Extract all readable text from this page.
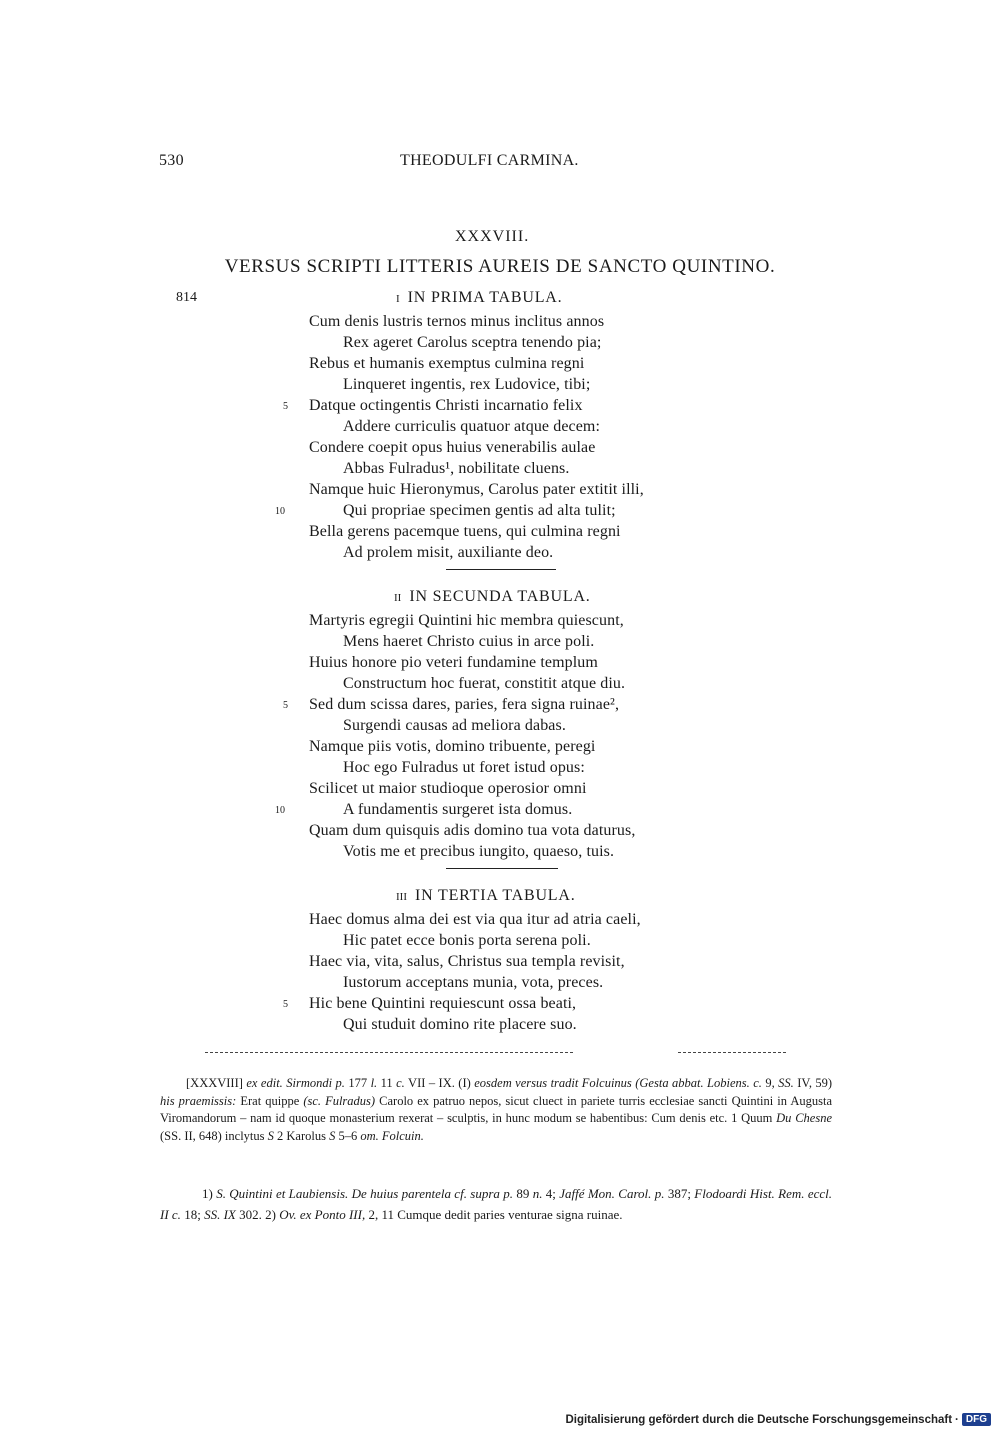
530	THEODULFI CARMINA.
XXXVIII.
VERSUS SCRIPTI LITTERIS AUREIS DE SANCTO QUINTINO.
814	I IN PRIMA TABULA.
Cum denis lustris ternos minus inclitus annos
Rex ageret Carolus sceptra tenendo pia;
Rebus et humanis exemptus culmina regni
Linqueret ingentis, rex Ludovice, tibi;
5 Datque octingentis Christi incarnatio felix
Addere curriculis quatuor atque decem:
Condere coepit opus huius venerabilis aulae
Abbas Fulradus¹, nobilitate cluens.
Namque huic Hieronymus, Carolus pater extitit illi,
10	Qui propriae specimen gentis ad alta tulit;
Bella gerens pacemque tuens, qui culmina regni
Ad prolem misit, auxiliante deo.
II IN SECUNDA TABULA.
Martyris egregii Quintini hic membra quiescunt,
Mens haeret Christo cuius in arce poli.
Huius honore pio veteri fundamine templum
Constructum hoc fuerat, constitit atque diu.
5 Sed dum scissa dares, paries, fera signa ruinae²,
Surgendi causas ad meliora dabas.
Namque piis votis, domino tribuente, peregi
Hoc ego Fulradus ut foret istud opus:
Scilicet ut maior studioque operosior omni
10	A fundamentis surgeret ista domus.
Quam dum quisquis adis domino tua vota daturus,
Votis me et precibus iungito, quaeso, tuis.
III IN TERTIA TABULA.
Haec domus alma dei est via qua itur ad atria caeli,
Hic patet ecce bonis porta serena poli.
Haec via, vita, salus, Christus sua templa revisit,
Iustorum acceptans munia, vota, preces.
5 Hic bene Quintini requiescunt ossa beati,
Qui studuit domino rite placere suo.
[XXXVIII] ex edit. Sirmondi p. 177 l. 11 c. VII – IX. (I) eosdem versus tradit Folcuinus (Gesta abbat. Lobiens. c. 9, SS. IV, 59) his praemissis: Erat quippe (sc. Fulradus) Carolo ex patruo nepos, sicut cluect in pariete turris ecclesiae sancti Quintini in Augusta Viromandorum – nam id quoque monasterium rexerat – sculptis, in hunc modum se habentibus: Cum denis etc. 1 Quum Du Chesne (SS. II, 648) inclytus S 2 Karolus S 5–6 om. Folcuin.
1) S. Quintini et Laubiensis. De huius parentela cf. supra p. 89 n. 4; Jaffé Mon. Carol. p. 387; Flodoardi Hist. Rem. eccl. II c. 18; SS. IX 302. 2) Ov. ex Ponto III, 2, 11 Cumque dedit paries venturae signa ruinae.
Digitalisierung gefördert durch die Deutsche Forschungsgemeinschaft · DFG
